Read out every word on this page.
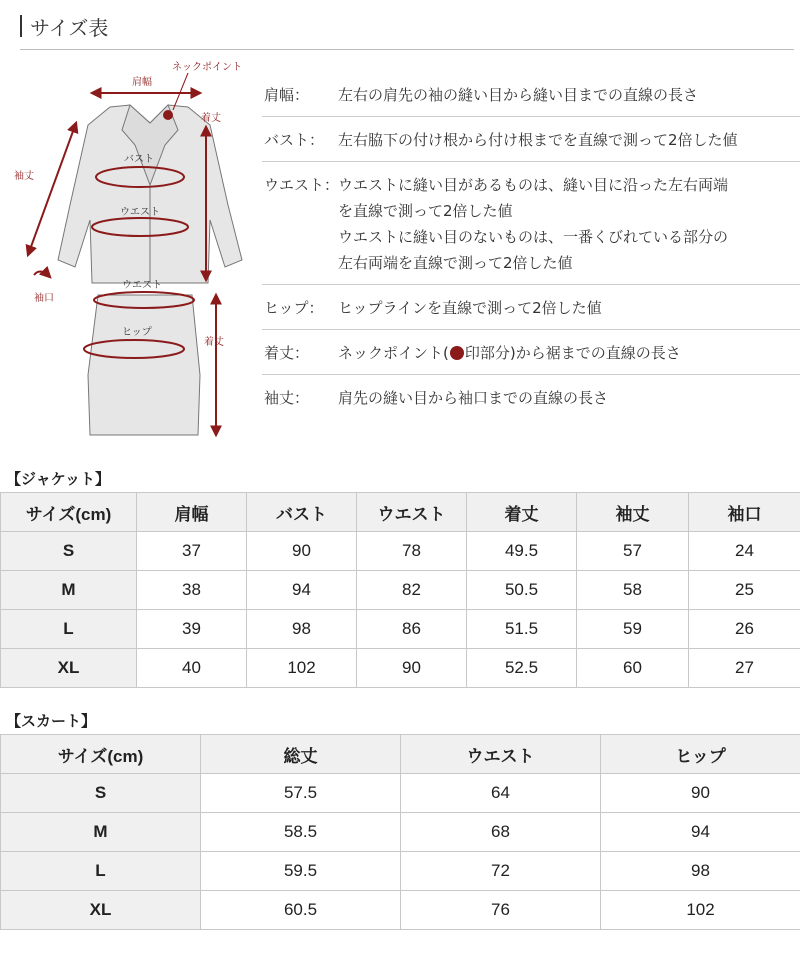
サイズ表
肩幅
ネックポイント
着丈
袖丈
バスト
ウエスト
袖口
ウエスト
ヒップ
着丈
肩幅： 左右の肩先の袖の縫い目から縫い目までの直線の長さ
バスト： 左右脇下の付け根から付け根までを直線で測って2倍した値
ウエスト：
ウエストに縫い目があるものは、縫い目に沿った左右両端
を直線で測って2倍した値
ウエストに縫い目のないものは、一番くびれている部分の
左右両端を直線で測って2倍した値
ヒップ： ヒップラインを直線で測って2倍した値
着丈： ネックポイント( 印部分)から裾までの直線の長さ
袖丈： 肩先の縫い目から袖口までの直線の長さ
【ジャケット】
サイズ(cm)	肩幅	バスト	ウエスト	着丈	袖丈	袖口
S	37	90	78	49.5	57	24
M	38	94	82	50.5	58	25
L	39	98	86	51.5	59	26
XL	40	102	90	52.5	60	27
【スカート】
サイズ(cm)	総丈	ウエスト	ヒップ
S	57.5	64	90
M	58.5	68	94
L	59.5	72	98
XL	60.5	76	102
